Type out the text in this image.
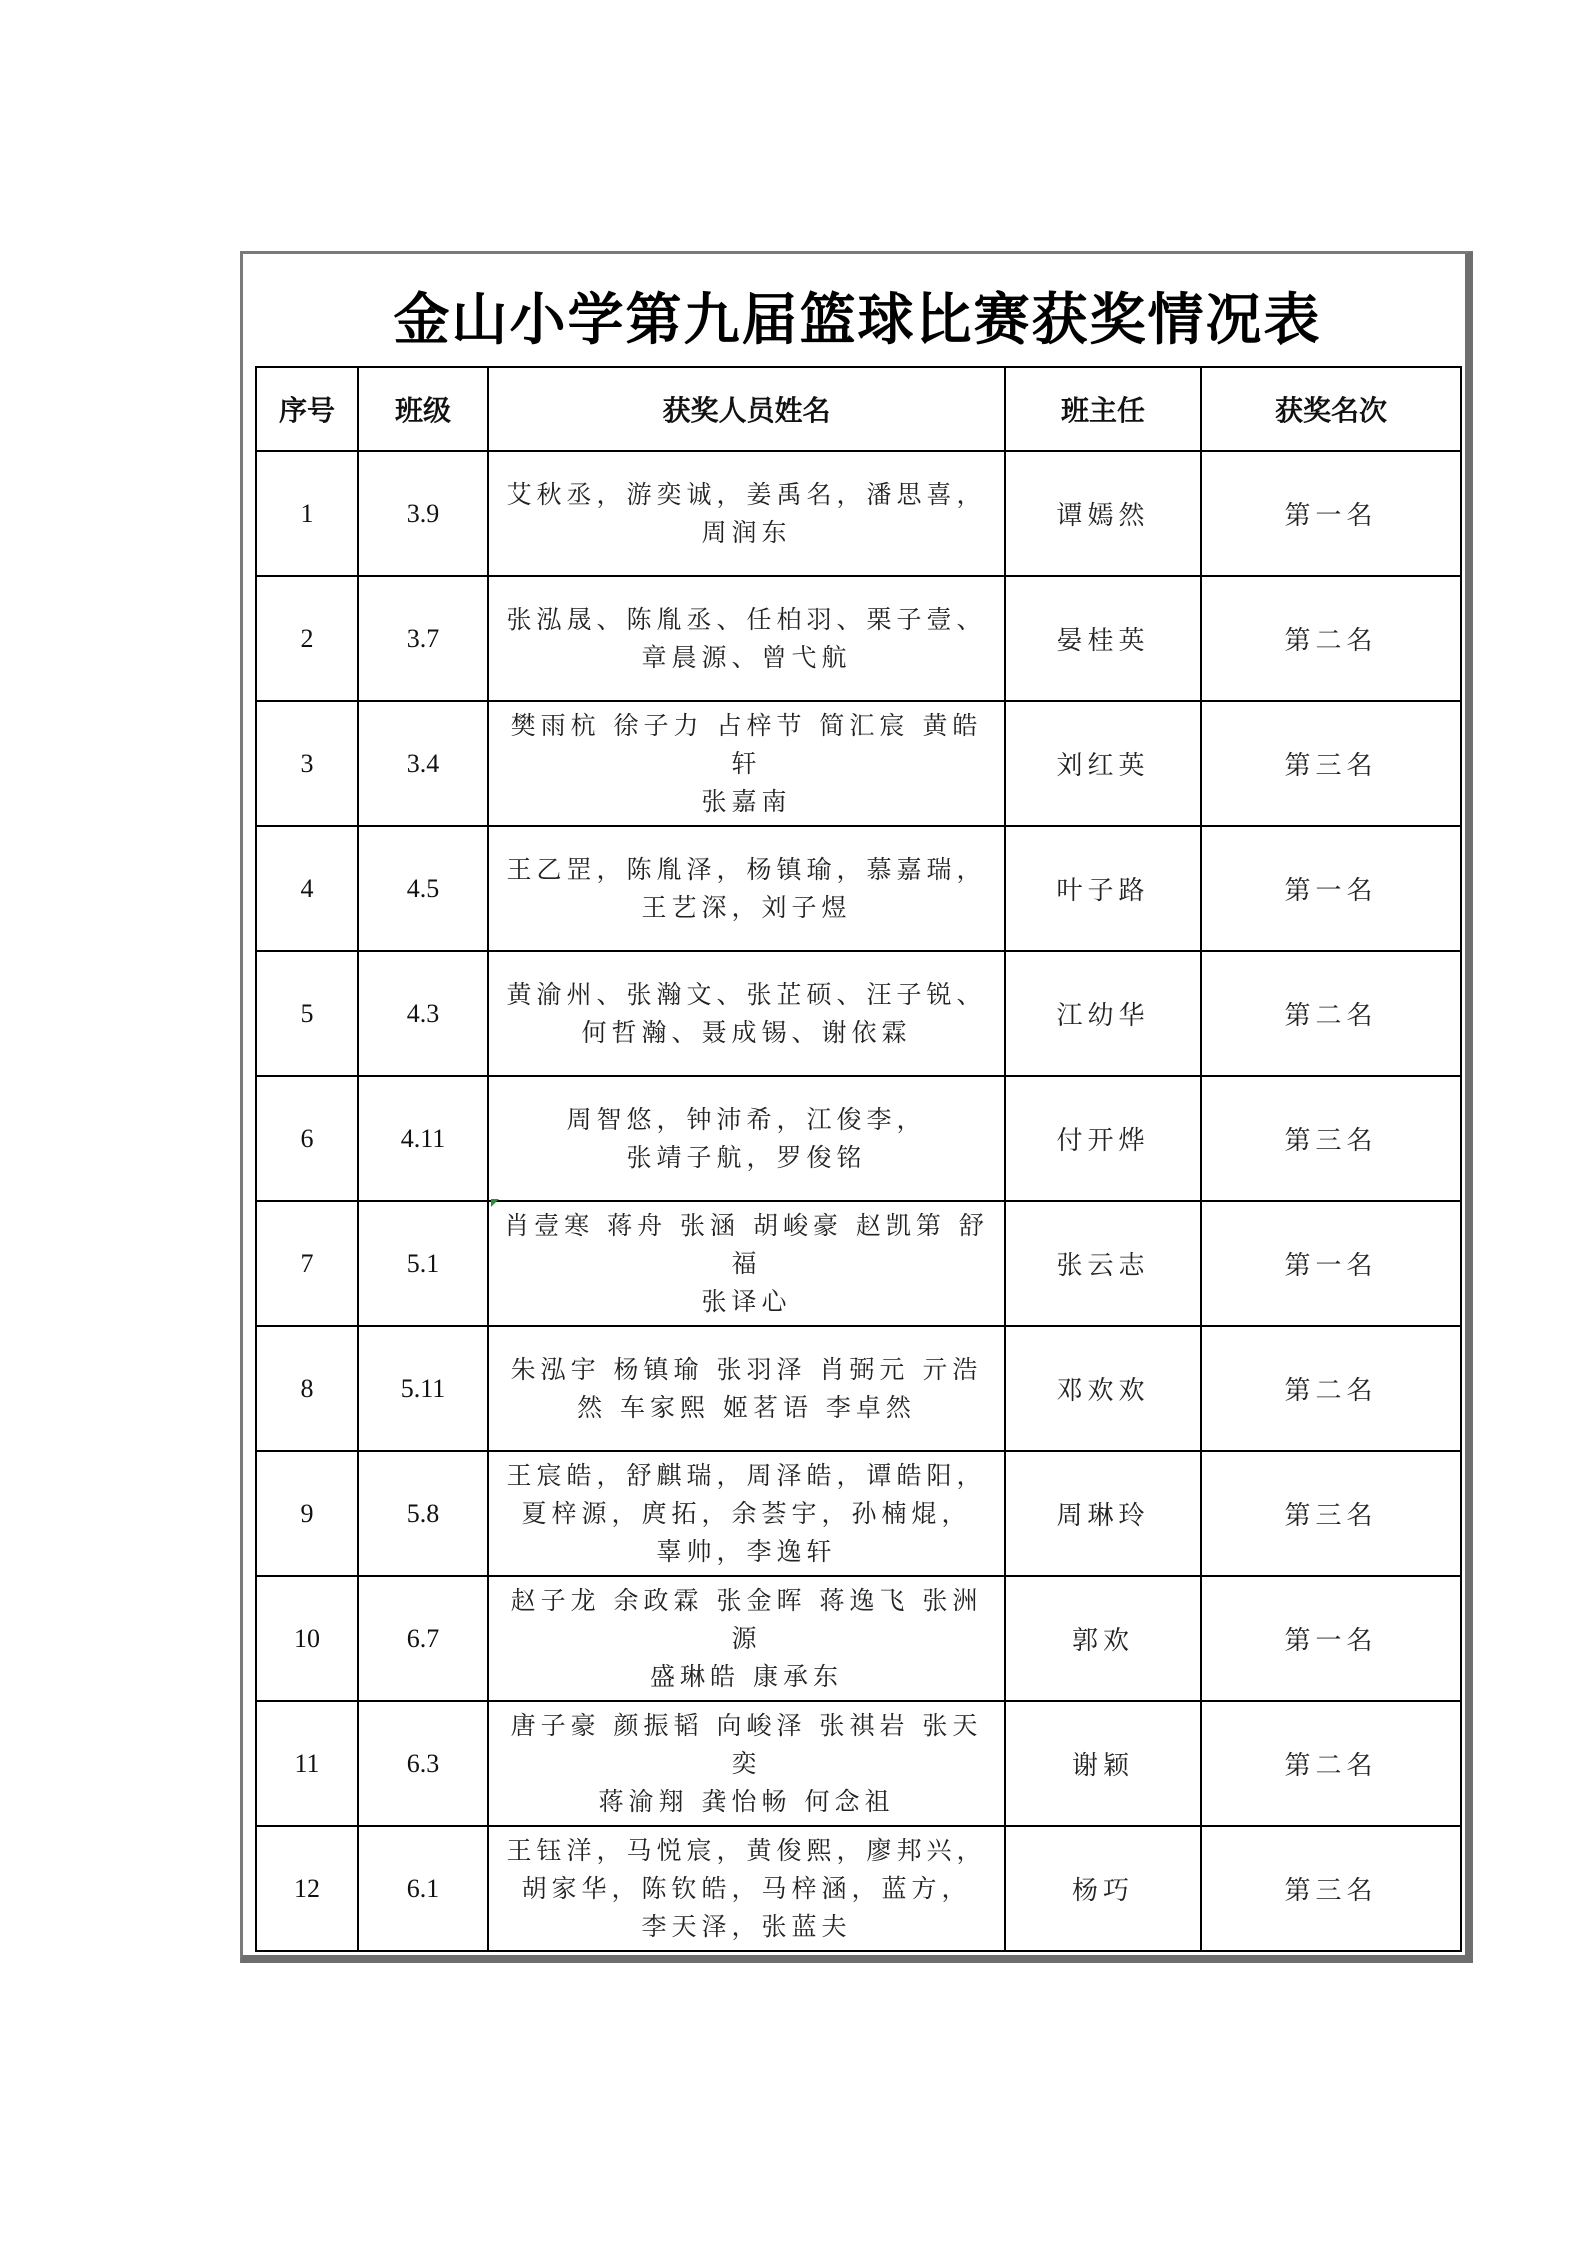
金山小学第九届篮球比赛获奖情况表
序号	班级	获奖人员姓名	班主任	获奖名次
1	3.9	艾秋丞，游奕诚，姜禹名，潘思喜，
周润东	谭嫣然	第一名
2	3.7	张泓晟、陈胤丞、任柏羽、栗子壹、
章晨源、曾弋航	晏桂英	第二名
3	3.4	樊雨杭 徐子力 占梓节 简汇宸 黄皓轩
张嘉南	刘红英	第三名
4	4.5	王乙罡，陈胤泽，杨镇瑜，慕嘉瑞，
王艺深，刘子煜	叶子路	第一名
5	4.3	黄渝州、张瀚文、张芷硕、汪子锐、
何哲瀚、聂成锡、谢依霖	江幼华	第二名
6	4.11	周智悠，钟沛希，江俊李，
张靖子航，罗俊铭	付开烨	第三名
7	5.1	肖壹寒 蒋舟 张涵 胡峻豪 赵凯第 舒福
张译心	张云志	第一名
8	5.11	朱泓宇 杨镇瑜 张羽泽 肖弼元 亓浩
然 车家熙 姬茗语 李卓然	邓欢欢	第二名
9	5.8	王宸皓，舒麒瑞，周泽皓，谭皓阳，
夏梓源，庹拓，余荟宇，孙楠焜，
辜帅，李逸轩	周琳玲	第三名
10	6.7	赵子龙 余政霖 张金晖 蒋逸飞 张洲源
盛琳皓 康承东	郭欢	第一名
11	6.3	唐子豪 颜振韬 向峻泽 张祺岩 张天奕
蒋渝翔 龚怡畅 何念祖	谢颖	第二名
12	6.1	王钰洋，马悦宸，黄俊熙，廖邦兴，
胡家华，陈钦皓，马梓涵，蓝方，
李天泽，张蓝夫	杨巧	第三名
